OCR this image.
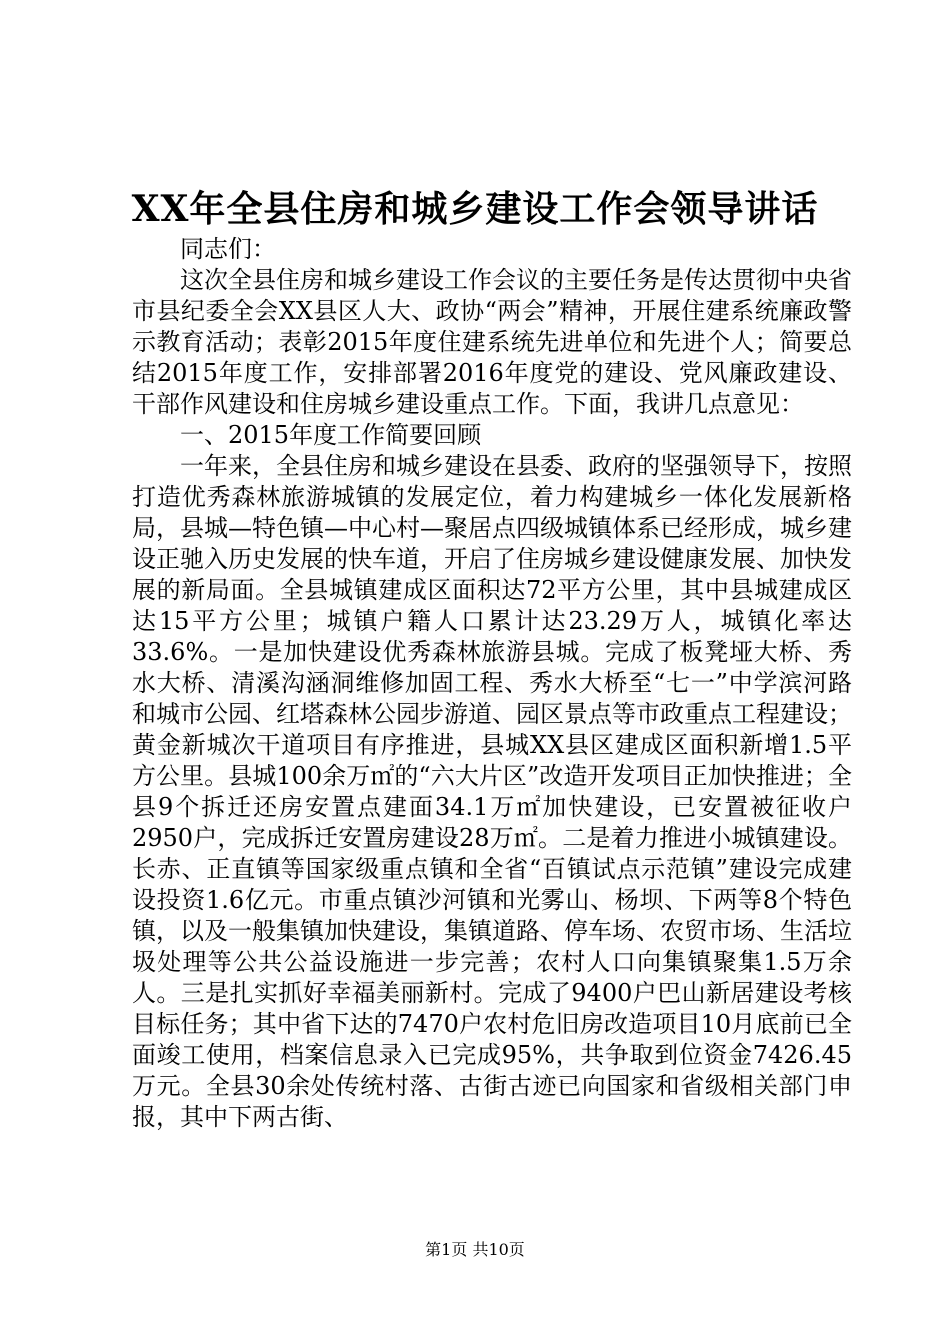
XX年全县住房和城乡建设工作会领导讲话

同志们：

这次全县住房和城乡建设工作会议的主要任务是传达贯彻中央省市县纪委全会XX县区人大、政协“两会”精神，开展住建系统廉政警示教育活动；表彰2015年度住建系统先进单位和先进个人；简要总结2015年度工作，安排部署2016年度党的建设、党风廉政建设、干部作风建设和住房城乡建设重点工作。下面，我讲几点意见：

一、2015年度工作简要回顾

一年来，全县住房和城乡建设在县委、政府的坚强领导下，按照打造优秀森林旅游城镇的发展定位，着力构建城乡一体化发展新格局，县城—特色镇—中心村—聚居点四级城镇体系已经形成，城乡建设正驰入历史发展的快车道，开启了住房城乡建设健康发展、加快发展的新局面。全县城镇建成区面积达72平方公里，其中县城建成区达15平方公里；城镇户籍人口累计达23.29万人，城镇化率达33.6%。一是加快建设优秀森林旅游县城。完成了板凳垭大桥、秀水大桥、清溪沟涵洞维修加固工程、秀水大桥至“七一”中学滨河路和城市公园、红塔森林公园步游道、园区景点等市政重点工程建设；黄金新城次干道项目有序推进，县城XX县区建成区面积新增1.5平方公里。县城100余万㎡的“六大片区”改造开发项目正加快推进；全县9个拆迁还房安置点建面34.1万㎡加快建设，已安置被征收户2950户，完成拆迁安置房建设28万㎡。二是着力推进小城镇建设。长赤、正直镇等国家级重点镇和全省“百镇试点示范镇”建设完成建设投资1.6亿元。市重点镇沙河镇和光雾山、杨坝、下两等8个特色镇，以及一般集镇加快建设，集镇道路、停车场、农贸市场、生活垃圾处理等公共公益设施进一步完善；农村人口向集镇聚集1.5万余人。三是扎实抓好幸福美丽新村。完成了9400户巴山新居建设考核目标任务；其中省下达的7470户农村危旧房改造项目10月底前已全面竣工使用，档案信息录入已完成95%，共争取到位资金7426.45万元。全县30余处传统村落、古街古迹已向国家和省级相关部门申报，其中下两古街、

第1页 共10页
